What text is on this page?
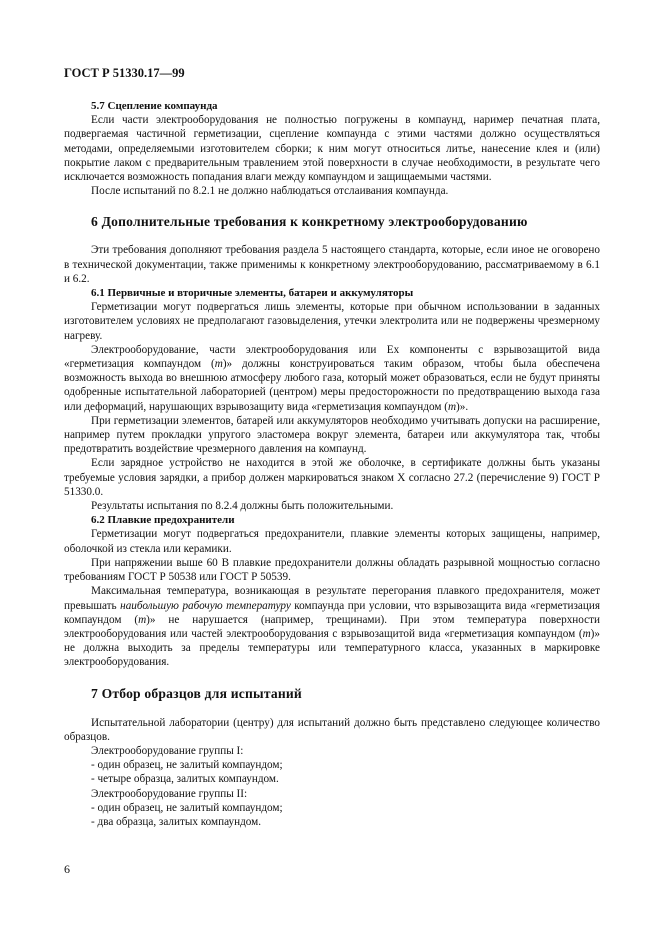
ГОСТ Р 51330.17—99

5.7 Сцепление компаунда

Если части электрооборудования не полностью погружены в компаунд, наример печатная плата, подвергаемая частичной герметизации, сцепление компаунда с этими частями должно осуществляться методами, определяемыми изготовителем сборки; к ним могут относиться литье, нанесение клея и (или) покрытие лаком с предварительным травлением этой поверхности в случае необходимости, в результате чего исключается возможность попадания влаги между компаундом и защищаемыми частями.

После испытаний по 8.2.1 не должно наблюдаться отслаивания компаунда.

6 Дополнительные требования к конкретному электрооборудованию

Эти требования дополняют требования раздела 5 настоящего стандарта, которые, если иное не оговорено в технической документации, также применимы к конкретному электрооборудованию, рассматриваемому в 6.1 и 6.2.

6.1 Первичные и вторичные элементы, батареи и аккумуляторы

Герметизации могут подвергаться лишь элементы, которые при обычном использовании в заданных изготовителем условиях не предполагают газовыделения, утечки электролита или не подвержены чрезмерному нагреву.

Электрооборудование, части электрооборудования или Ex компоненты с взрывозащитой вида «герметизация компаундом (m)» должны конструироваться таким образом, чтобы была обеспечена возможность выхода во внешнюю атмосферу любого газа, который может образоваться, если не будут приняты одобренные испытательной лабораторией (центром) меры предосторожности по предотвращению выхода газа или деформаций, нарушающих взрывозащиту вида «герметизация компаундом (m)».

При герметизации элементов, батарей или аккумуляторов необходимо учитывать допуски на расширение, например путем прокладки упругого эластомера вокруг элемента, батареи или аккумулятора так, чтобы предотвратить воздействие чрезмерного давления на компаунд.

Если зарядное устройство не находится в этой же оболочке, в сертификате должны быть указаны требуемые условия зарядки, а прибор должен маркироваться знаком X согласно 27.2 (перечисление 9) ГОСТ Р 51330.0.

Результаты испытания по 8.2.4 должны быть положительными.

6.2 Плавкие предохранители

Герметизации могут подвергаться предохранители, плавкие элементы которых защищены, например, оболочкой из стекла или керамики.

При напряжении выше 60 В плавкие предохранители должны обладать разрывной мощностью согласно требованиям ГОСТ Р 50538 или ГОСТ Р 50539.

Максимальная температура, возникающая в результате перегорания плавкого предохранителя, может превышать наибольшую рабочую температуру компаунда при условии, что взрывозащита вида «герметизация компаундом (m)» не нарушается (например, трещинами). При этом температура поверхности электрооборудования или частей электрооборудования с взрывозащитой вида «герметизация компаундом (m)» не должна выходить за пределы температуры или температурного класса, указанных в маркировке электрооборудования.

7 Отбор образцов для испытаний

Испытательной лаборатории (центру) для испытаний должно быть представлено следующее количество образцов.

Электрооборудование группы I:

- один образец, не залитый компаундом;

- четыре образца, залитых компаундом.

Электрооборудование группы II:

- один образец, не залитый компаундом;

- два образца, залитых компаундом.

6
